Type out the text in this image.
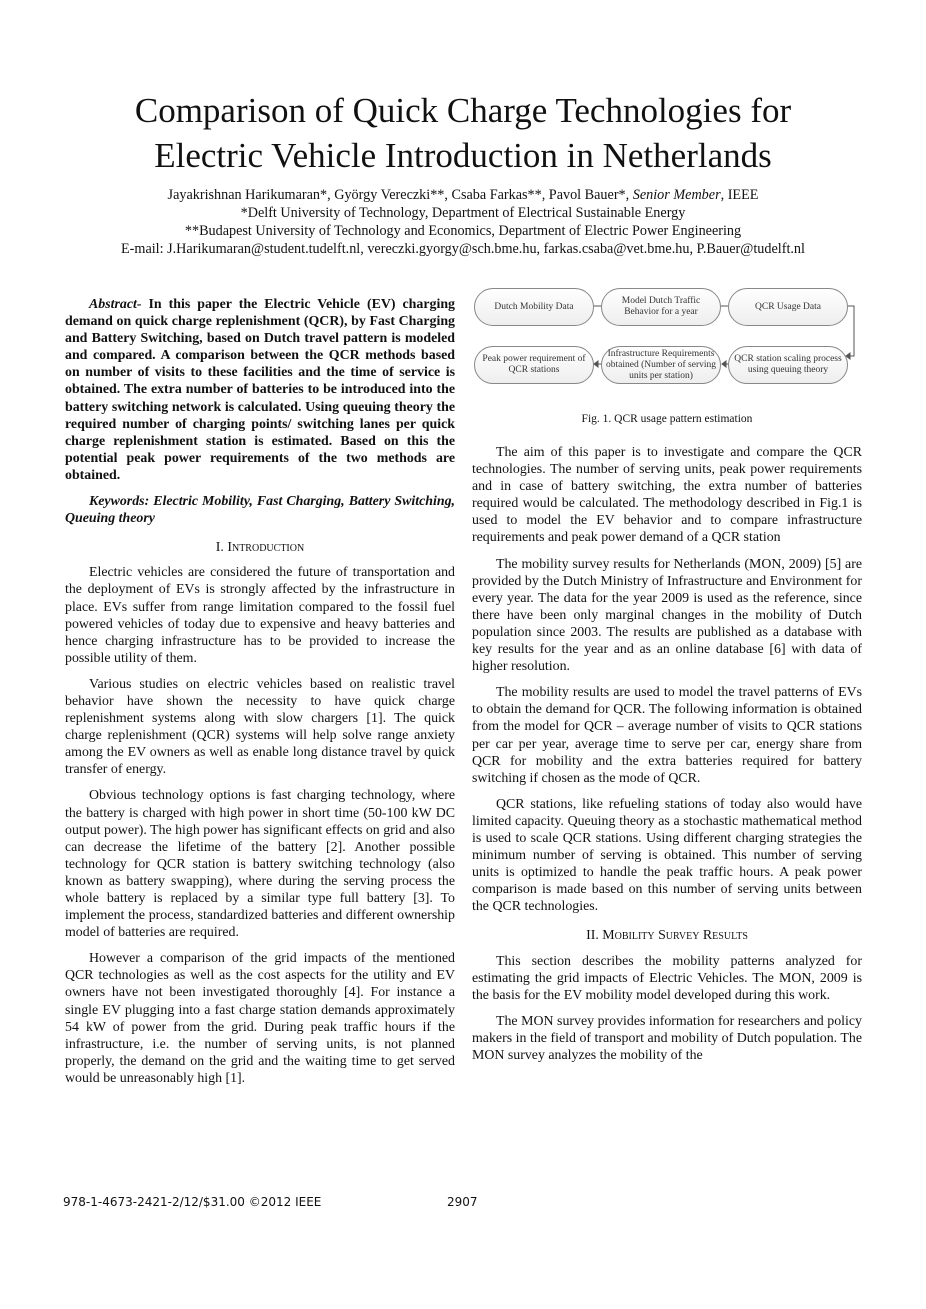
Comparison of Quick Charge Technologies for
Electric Vehicle Introduction in Netherlands
Jayakrishnan Harikumaran*, György Vereczki**, Csaba Farkas**, Pavol Bauer*, Senior Member, IEEE
*Delft University of Technology, Department of Electrical Sustainable Energy
**Budapest University of Technology and Economics, Department of Electric Power Engineering
E-mail: J.Harikumaran@student.tudelft.nl, vereczki.gyorgy@sch.bme.hu, farkas.csaba@vet.bme.hu, P.Bauer@tudelft.nl

Abstract- In this paper the Electric Vehicle (EV) charging demand on quick charge replenishment (QCR), by Fast Charging and Battery Switching, based on Dutch travel pattern is modeled and compared. A comparison between the QCR methods based on number of visits to these facilities and the time of service is obtained. The extra number of batteries to be introduced into the battery switching network is calculated. Using queuing theory the required number of charging points/ switching lanes per quick charge replenishment station is estimated. Based on this the potential peak power requirements of the two methods are obtained.

Keywords: Electric Mobility, Fast Charging, Battery Switching, Queuing theory

I. Introduction

Electric vehicles are considered the future of transportation and the deployment of EVs is strongly affected by the infrastructure in place. EVs suffer from range limitation compared to the fossil fuel powered vehicles of today due to expensive and heavy batteries and hence charging infrastructure has to be provided to increase the possible utility of them.

Various studies on electric vehicles based on realistic travel behavior have shown the necessity to have quick charge replenishment systems along with slow chargers [1]. The quick charge replenishment (QCR) systems will help solve range anxiety among the EV owners as well as enable long distance travel by quick transfer of energy.

Obvious technology options is fast charging technology, where the battery is charged with high power in short time (50-100 kW DC output power). The high power has significant effects on grid and also can decrease the lifetime of the battery [2]. Another possible technology for QCR station is battery switching technology (also known as battery swapping), where during the serving process the whole battery is replaced by a similar type full battery [3]. To implement the process, standardized batteries and different ownership model of batteries are required.

However a comparison of the grid impacts of the mentioned QCR technologies as well as the cost aspects for the utility and EV owners have not been investigated thoroughly [4]. For instance a single EV plugging into a fast charge station demands approximately 54 kW of power from the grid. During peak traffic hours if the infrastructure, i.e. the number of serving units, is not planned properly, the demand on the grid and the waiting time to get served would be unreasonably high [1].

Dutch Mobility Data
Model Dutch Traffic Behavior for a year
QCR Usage Data
Peak power requirement of QCR stations
Infrastructure Requirements obtained (Number of serving units per station)
QCR station scaling process using queuing theory
Fig. 1. QCR usage pattern estimation

The aim of this paper is to investigate and compare the QCR technologies. The number of serving units, peak power requirements and in case of battery switching, the extra number of batteries required would be calculated. The methodology described in Fig.1 is used to model the EV behavior and to compare infrastructure requirements and peak power demand of a QCR station

The mobility survey results for Netherlands (MON, 2009) [5] are provided by the Dutch Ministry of Infrastructure and Environment for every year. The data for the year 2009 is used as the reference, since there have been only marginal changes in the mobility of Dutch population since 2003. The results are published as a database with key results for the year and as an online database [6] with data of higher resolution.

The mobility results are used to model the travel patterns of EVs to obtain the demand for QCR. The following information is obtained from the model for QCR – average number of visits to QCR stations per car per year, average time to serve per car, energy share from QCR for mobility and the extra batteries required for battery switching if chosen as the mode of QCR.

QCR stations, like refueling stations of today also would have limited capacity. Queuing theory as a stochastic mathematical method is used to scale QCR stations. Using different charging strategies the minimum number of serving is obtained. This number of serving units is optimized to handle the peak traffic hours. A peak power comparison is made based on this number of serving units between the QCR technologies.

II. Mobility Survey Results

This section describes the mobility patterns analyzed for estimating the grid impacts of Electric Vehicles. The MON, 2009 is the basis for the EV mobility model developed during this work.

The MON survey provides information for researchers and policy makers in the field of transport and mobility of Dutch population. The MON survey analyzes the mobility of the

978-1-4673-2421-2/12/$31.00 ©2012 IEEE	2907
